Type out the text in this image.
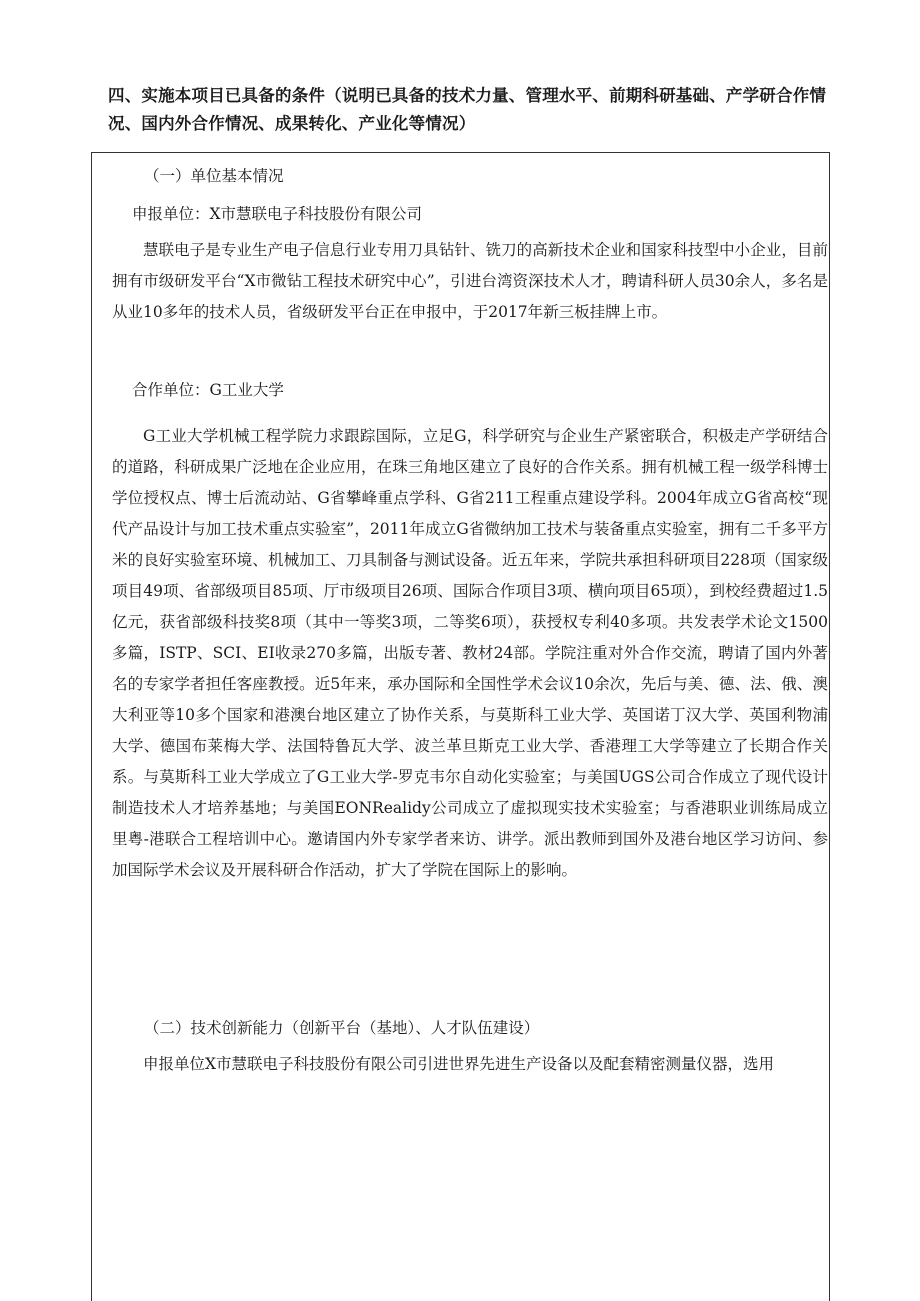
四、实施本项目已具备的条件（说明已具备的技术力量、管理水平、前期科研基础、产学研合作情况、国内外合作情况、成果转化、产业化等情况）
（一）单位基本情况
申报单位：X市慧联电子科技股份有限公司

慧联电子是专业生产电子信息行业专用刀具钻针、铣刀的高新技术企业和国家科技型中小企业，目前拥有市级研发平台“X市微钻工程技术研究中心”，引进台湾资深技术人才，聘请科研人员30余人，多名是从业10多年的技术人员，省级研发平台正在申报中，于2017年新三板挂牌上市。

合作单位：G工业大学

G工业大学机械工程学院力求跟踪国际，立足G，科学研究与企业生产紧密联合，积极走产学研结合的道路，科研成果广泛地在企业应用，在珠三角地区建立了良好的合作关系。拥有机械工程一级学科博士学位授权点、博士后流动站、G省攀峰重点学科、G省211工程重点建设学科。2004年成立G省高校“现代产品设计与加工技术重点实验室”，2011年成立G省微纳加工技术与装备重点实验室，拥有二千多平方米的良好实验室环境、机械加工、刀具制备与测试设备。近五年来，学院共承担科研项目228项（国家级项目49项、省部级项目85项、厅市级项目26项、国际合作项目3项、横向项目65项），到校经费超过1.5亿元，获省部级科技奖8项（其中一等奖3项，二等奖6项），获授权专利40多项。共发表学术论文1500多篇，ISTP、SCI、EI收录270多篇，出版专著、教材24部。学院注重对外合作交流，聘请了国内外著名的专家学者担任客座教授。近5年来，承办国际和全国性学术会议10余次，先后与美、德、法、俄、澳大利亚等10多个国家和港澳台地区建立了协作关系，与莫斯科工业大学、英国诺丁汉大学、英国利物浦大学、德国布莱梅大学、法国特鲁瓦大学、波兰革旦斯克工业大学、香港理工大学等建立了长期合作关系。与莫斯科工业大学成立了G工业大学-罗克韦尔自动化实验室；与美国UGS公司合作成立了现代设计制造技术人才培养基地；与美国EONRealidy公司成立了虚拟现实技术实验室；与香港职业训练局成立里粤-港联合工程培训中心。邀请国内外专家学者来访、讲学。派出教师到国外及港台地区学习访问、参加国际学术会议及开展科研合作活动，扩大了学院在国际上的影响。

（二）技术创新能力（创新平台（基地）、人才队伍建设）

申报单位X市慧联电子科技股份有限公司引进世界先进生产设备以及配套精密测量仪器，选用
